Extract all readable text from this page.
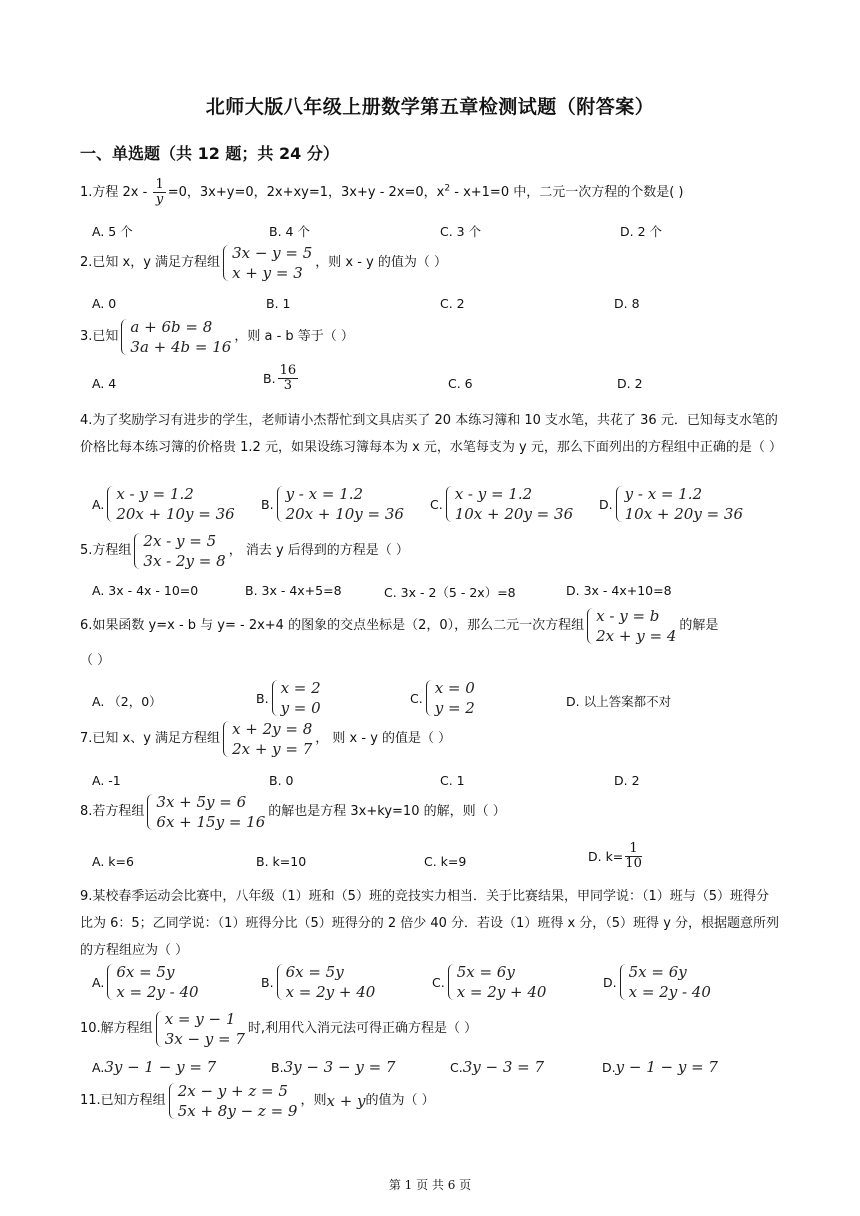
北师大版八年级上册数学第五章检测试题（附答案）
一、单选题（共 12 题；共 24 分）
1.方程 $2x - \frac{1}{y} =0$，3x+y=0，2x+xy=1，3x+y - 2x=0，$x^2 - x+1=0$ 中，二元一次方程的个数是( )
A. 5 个	B. 4 个	C. 3 个	D. 2 个
2.已知 x，y 满足方程组
3x − y = 5
x + y = 3
，则 x - y 的值为（ ）
A. 0	B. 1	C. 2	D. 8
3.已知
a + 6b = 8
3a + 4b = 16
，则 a - b 等于（ ）
A. 4	B. $\frac{16}{3}$	C. 6	D. 2
4.为了奖励学习有进步的学生，老师请小杰帮忙到文具店买了 20 本练习簿和 10 支水笔，共花了 36 元．已知每支水笔的价格比每本练习簿的价格贵 1.2 元，如果设练习簿每本为 x 元，水笔每支为 y 元，那么下面列出的方程组中正确的是（ ）
A.
x - y = 1.2
20x + 10y = 36
B.
y - x = 1.2
20x + 10y = 36
C.
x - y = 1.2
10x + 20y = 36
D.
y - x = 1.2
10x + 20y = 36
5.方程组
2x - y = 5
3x - 2y = 8
， 消去 y 后得到的方程是（ ）
A. 3x - 4x - 10=0	B. 3x - 4x+5=8	C. 3x - 2（5 - 2x）=8	D. 3x - 4x+10=8
6.如果函数 y=x - b 与 y= - 2x+4 的图象的交点坐标是（2，0），那么二元一次方程组
x - y = b
2x + y = 4
的解是
（ ）
A. （2，0）	B.
x = 2
y = 0
C.
x = 0
y = 2	D. 以上答案都不对
7.已知 x、y 满足方程组
x + 2y = 8
2x + y = 7
， 则 x - y 的值是（ ）
A. -1	B. 0	C. 1	D. 2
8.若方程组
3x + 5y = 6
6x + 15y = 16
的解也是方程 3x+ky=10 的解，则（ ）
A. k=6	B. k=10	C. k=9	D. $k= \frac{1}{10}$
9.某校春季运动会比赛中，八年级（1）班和（5）班的竞技实力相当．关于比赛结果，甲同学说：（1）班与（5）班得分比为 6：5；乙同学说：（1）班得分比（5）班得分的 2 倍少 40 分．若设（1）班得 x 分，（5）班得 y 分，根据题意所列的方程组应为（ ）
A.
6x = 5y
x = 2y - 40
B.
6x = 5y
x = 2y + 40
C.
5x = 6y
x = 2y + 40
D.
5x = 6y
x = 2y - 40
10.解方程组
x = y − 1
3x − y = 7
时,利用代入消元法可得正确方程是（ ）
A.3y − 1 − y = 7	B.3y − 3 − y = 7	C.3y − 3 = 7	D.y − 1 − y = 7
11.已知方程组
2x − y + z = 5
5x + 8y − z = 9
，则x + y的值为（ ）
第 1 页 共 6 页
